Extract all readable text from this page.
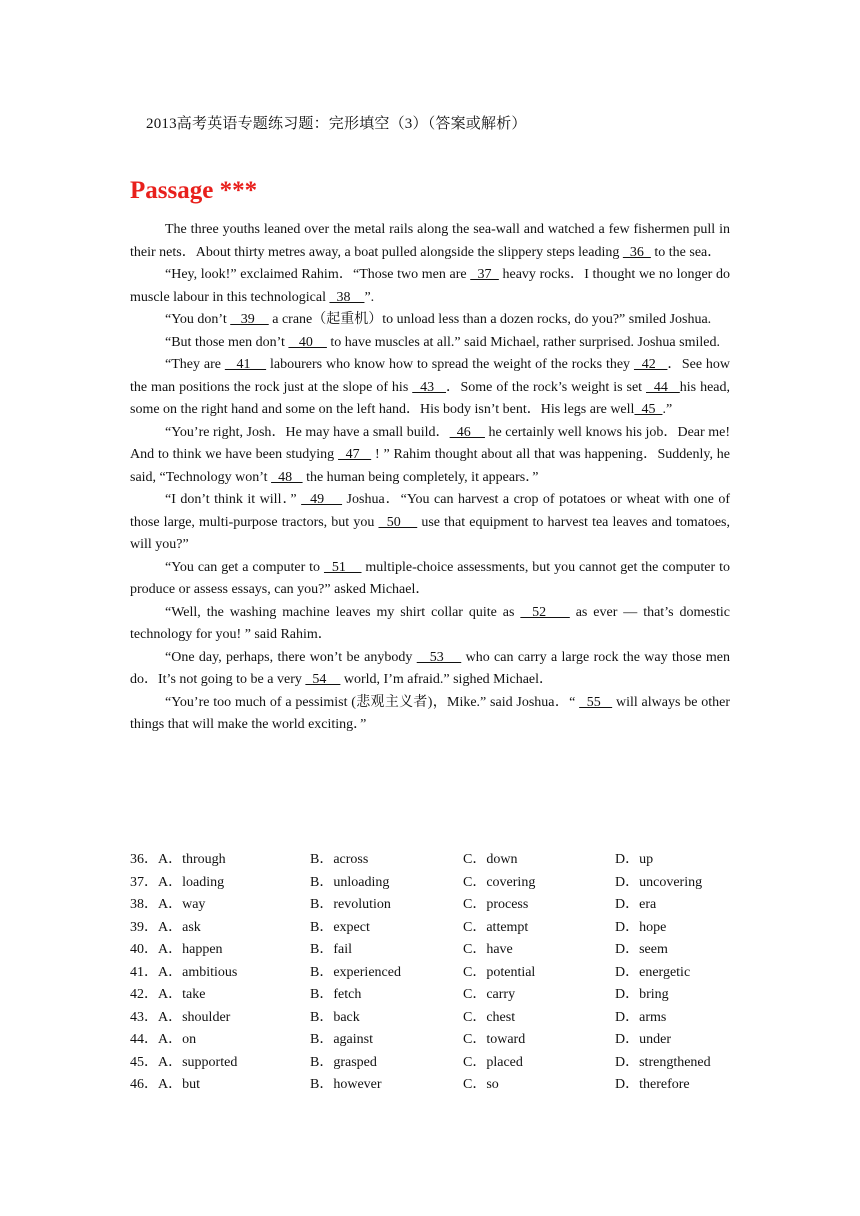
2013高考英语专题练习题：完形填空（3）（答案或解析）
Passage ***

The three youths leaned over the metal rails along the sea-wall and watched a few fishermen pull in their nets．About thirty metres away, a boat pulled alongside the slippery steps leading   36   to the sea．

“Hey, look!” exclaimed Rahim．“Those two men are   37   heavy rocks．I thought we no longer do muscle labour in this technological   38    ”.

“You don’t    39     a crane（起重机）to unload less than a dozen rocks, do you?” smiled Joshua.

“But those men don’t    40     to have muscles at all.” said Michael, rather surprised. Joshua smiled.

“They are    41     labourers who know how to spread the weight of the rocks they   42   ．See how the man positions the rock just at the slope of his   43   ．Some of the rock’s weight is set   44   his head, some on the right hand and some on the left hand．His body isn’t bent．His legs are well  45  .”

“You’re right, Josh．He may have a small build．  46     he certainly well knows his job．Dear me! And to think we have been studying   47    ! ” Rahim thought about all that was happening．Suddenly, he said, “Technology won’t   48    the human being completely, it appears．”

“I don’t think it will．”   49     Joshua．“You can harvest a crop of potatoes or wheat with one of those large, multi-purpose tractors, but you   50     use that equipment to harvest tea leaves and tomatoes, will you?”

“You can get a computer to   51     multiple-choice assessments, but you cannot get the computer to produce or assess essays, can you?” asked Michael．

“Well, the washing machine leaves my shirt collar quite as   52     as ever — that’s domestic technology for you! ” said Rahim．

“One day, perhaps, there won’t be anybody    53     who can carry a large rock the way those men do．It’s not going to be a very   54     world, I’m afraid.” sighed Michael．

“You’re too much of a pessimist (悲观主义者)，Mike.” said Joshua．“   55    will always be other things that will make the world exciting．”

36．A．through	B．across	C．down	D．up
37．A．loading	B．unloading	C．covering	D．uncovering
38．A．way	B．revolution	C．process	D．era
39．A．ask	B．expect	C．attempt	D．hope
40．A．happen	B．fail	C．have	D．seem
41．A．ambitious	B．experienced	C．potential	D．energetic
42．A．take	B．fetch	C．carry	D．bring
43．A．shoulder	B．back	C．chest	D．arms
44．A．on	B．against	C．toward	D．under
45．A．supported	B．grasped	C．placed	D．strengthened
46．A．but	B．however	C．so	D．therefore
